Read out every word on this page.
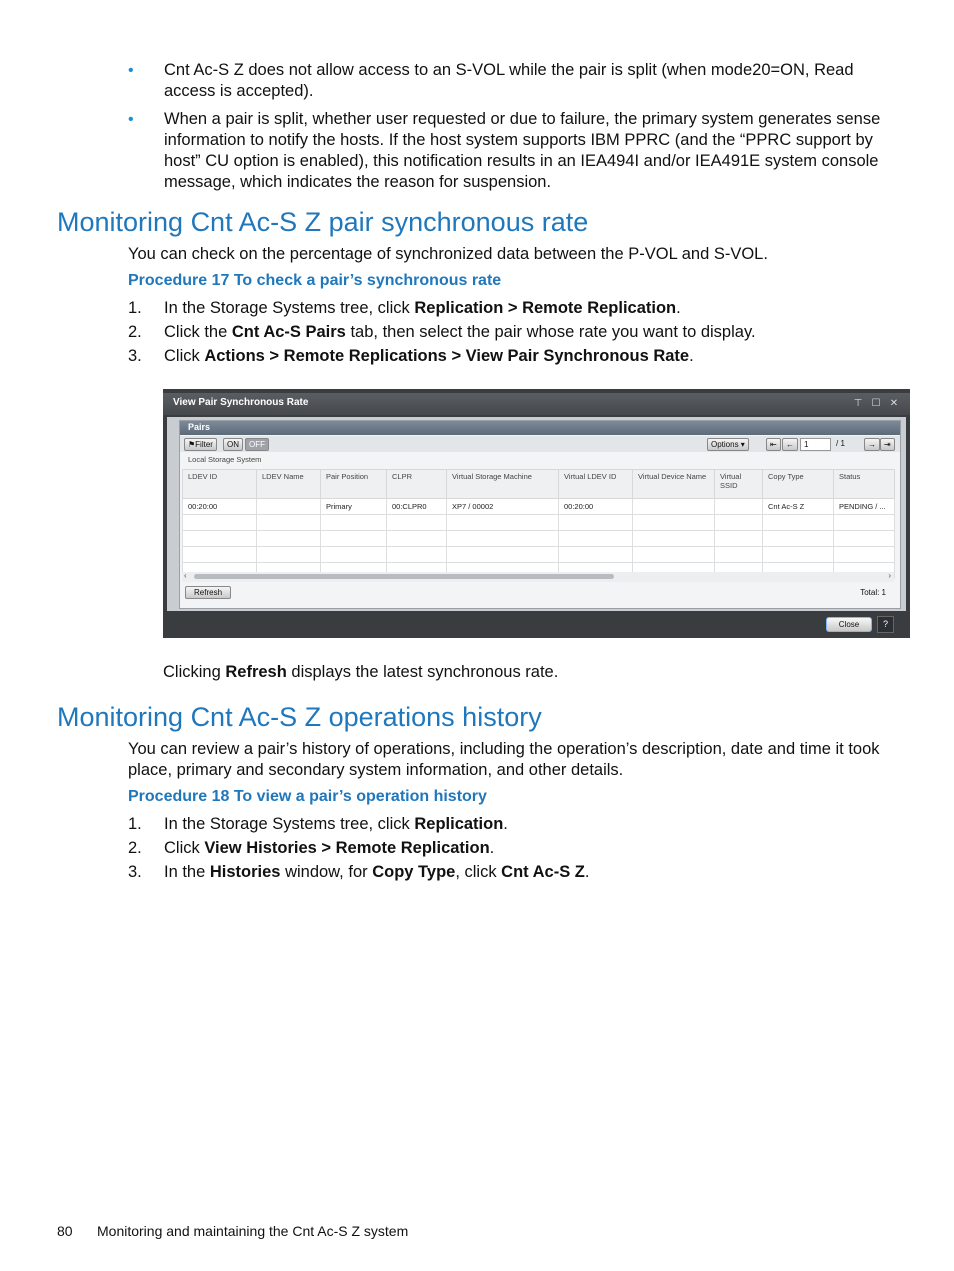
• Cnt Ac-S Z does not allow access to an S-VOL while the pair is split (when mode20=ON, Read access is accepted).
• When a pair is split, whether user requested or due to failure, the primary system generates sense information to notify the hosts. If the host system supports IBM PPRC (and the “PPRC support by host” CU option is enabled), this notification results in an IEA494I and/or IEA491E system console message, which indicates the reason for suspension.
Monitoring Cnt Ac-S Z pair synchronous rate

You can check on the percentage of synchronized data between the P-VOL and S-VOL.

Procedure 17 To check a pair’s synchronous rate

1. In the Storage Systems tree, click Replication > Remote Replication.
2. Click the Cnt Ac-S Pairs tab, then select the pair whose rate you want to display.
3. Click Actions > Remote Replications > View Pair Synchronous Rate.
View Pair Synchronous Rate	⊤ ☐ ✕
Pairs
⚑Filter	ON	OFF	Options ▾	⇤	←	1	/ 1	→	⇥
Local Storage System
LDEV ID	LDEV Name	Pair Position	CLPR	Virtual Storage Machine	Virtual LDEV ID	Virtual Device Name	Virtual SSID	Copy Type	Status
00:20:00		Primary	00:CLPR0	XP7 / 00002	00:20:00			Cnt Ac-S Z	PENDING / ...

‹	›
Refresh	Total: 1
Close	?

Clicking Refresh displays the latest synchronous rate.

Monitoring Cnt Ac-S Z operations history

You can review a pair’s history of operations, including the operation’s description, date and time it took place, primary and secondary system information, and other details.

Procedure 18 To view a pair’s operation history

1. In the Storage Systems tree, click Replication.
2. Click View Histories > Remote Replication.
3. In the Histories window, for Copy Type, click Cnt Ac-S Z.
80 Monitoring and maintaining the Cnt Ac-S Z system
